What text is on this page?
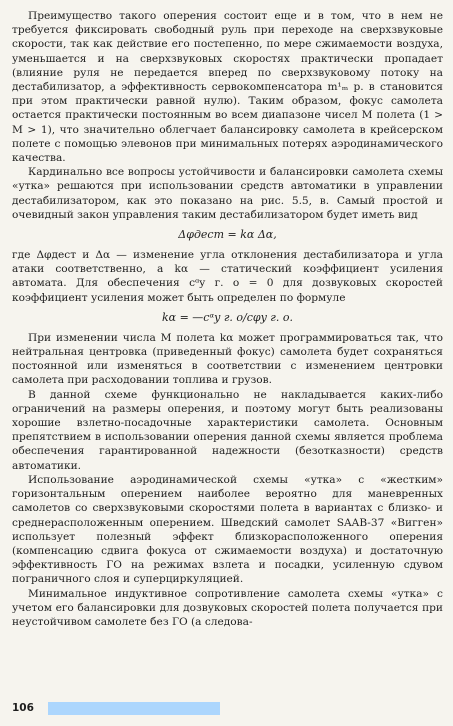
Преимущество такого оперения состоит еще и в том, что в нем не требуется фиксировать свободный руль при переходе на сверхзвуковые скорости, так как действие его постепенно, по мере сжимаемости воздуха, уменьшается и на сверхзвуковых скоростях практически пропадает (влияние руля не передается вперед по сверхзвуковому потоку на дестабилизатор, а эффективность сервокомпенсатора m¹ₘ р. в становится при этом практически равной нулю). Таким образом, фокус самолета остается практически постоянным во всем диапазоне чисел M полета (1 > M > 1), что значительно облегчает балансировку самолета в крейсерском полете с помощью элевонов при минимальных потерях аэродинамического качества.

Кардинально все вопросы устойчивости и балансировки самолета схемы «утка» решаются при использовании средств автоматики в управлении дестабилизатором, как это показано на рис. 5.5, в. Самый простой и очевидный закон управления таким дестабилизатором будет иметь вид

Δφдест = kα Δα,

где Δφдест и Δα — изменение угла отклонения дестабилизатора и угла атаки соответственно, а kα — статический коэффициент усиления автомата. Для обеспечения cᵅy г. о = 0 для дозвуковых скоростей коэффициент усиления может быть определен по формуле

kα = —cᵅy г. о/cφy г. о.

При изменении числа M полета kα может программироваться так, что нейтральная центровка (приведенный фокус) самолета будет сохраняться постоянной или изменяться в соответствии с изменением центровки самолета при расходовании топлива и грузов.

В данной схеме функционально не накладывается каких-либо ограничений на размеры оперения, и поэтому могут быть реализованы хорошие взлетно-посадочные характеристики самолета. Основным препятствием в использовании оперения данной схемы является проблема обеспечения гарантированной надежности (безотказности) средств автоматики.

Использование аэродинамической схемы «утка» с «жестким» горизонтальным оперением наиболее вероятно для маневренных самолетов со сверхзвуковыми скоростями полета в вариантах с близко- и среднерасположенным оперением. Шведский самолет SAAB-37 «Вигген» использует полезный эффект близкорасположенного оперения (компенсацию сдвига фокуса от сжимаемости воздуха) и достаточную эффективность ГО на режимах взлета и посадки, усиленную сдувом пограничного слоя и суперциркуляцией.

Минимальное индуктивное сопротивление самолета схемы «утка» с учетом его балансировки для дозвуковых скоростей полета получается при неустойчивом самолете без ГО (а следова-

106
